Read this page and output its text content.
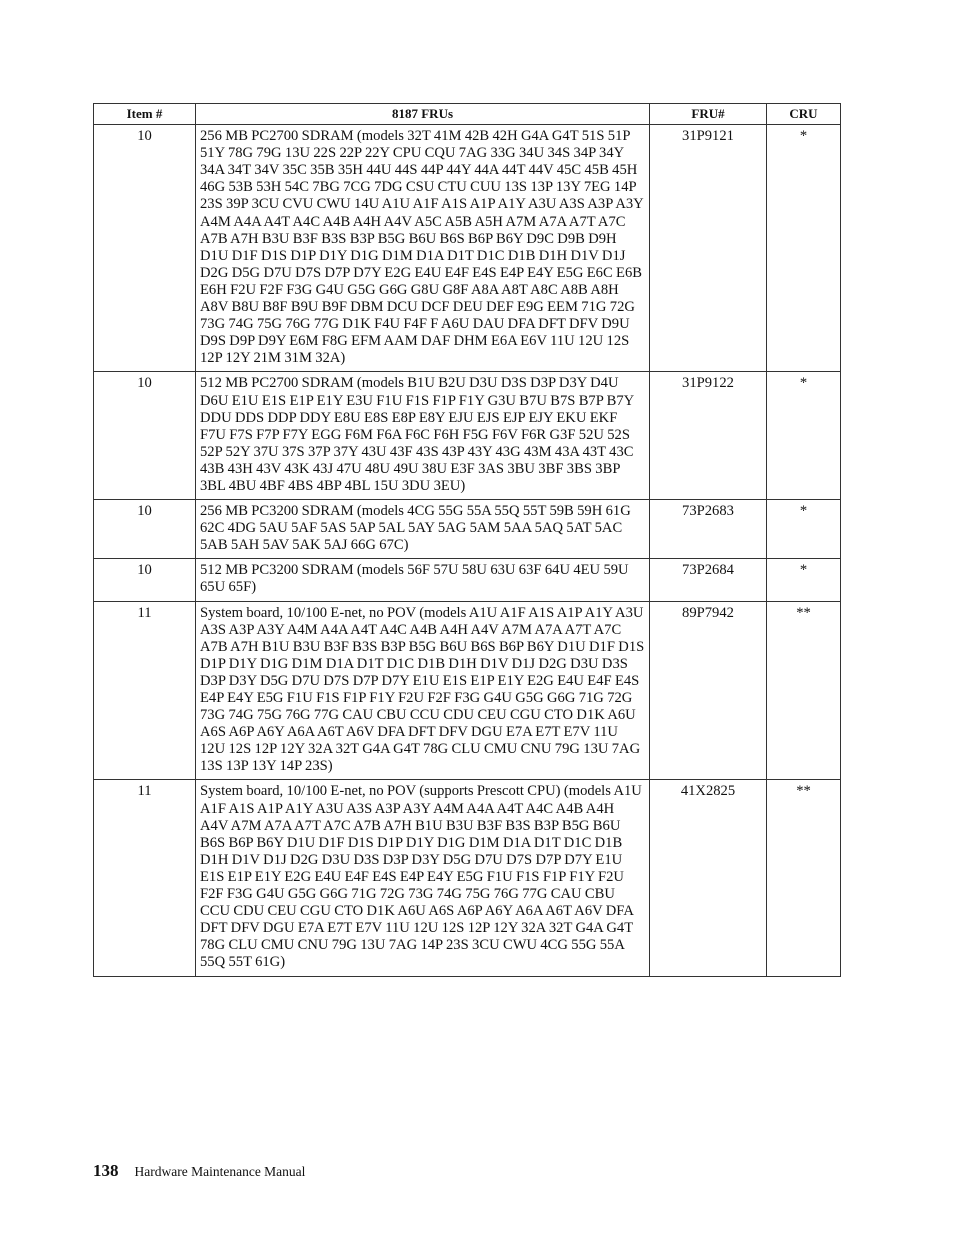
Item #	8187 FRUs	FRU#	CRU
10	256 MB PC2700 SDRAM (models 32T 41M 42B 42H G4A G4T 51S 51P 51Y 78G 79G 13U 22S 22P 22Y CPU CQU 7AG 33G 34U 34S 34P 34Y 34A 34T 34V 35C 35B 35H 44U 44S 44P 44Y 44A 44T 44V 45C 45B 45H 46G 53B 53H 54C 7BG 7CG 7DG CSU CTU CUU 13S 13P 13Y 7EG 14P 23S 39P 3CU CVU CWU 14U A1U A1F A1S A1P A1Y A3U A3S A3P A3Y A4M A4A A4T A4C A4B A4H A4V A5C A5B A5H A7M A7A A7T A7C A7B A7H B3U B3F B3S B3P B5G B6U B6S B6P B6Y D9C D9B D9H D1U D1F D1S D1P D1Y D1G D1M D1A D1T D1C D1B D1H D1V D1J D2G D5G D7U D7S D7P D7Y E2G E4U E4F E4S E4P E4Y E5G E6C E6B E6H F2U F2F F3G G4U G5G G6G G8U G8F A8A A8T A8C A8B A8H A8V B8U B8F B9U B9F DBM DCU DCF DEU DEF E9G EEM 71G 72G 73G 74G 75G 76G 77G D1K F4U F4F F A6U DAU DFA DFT DFV D9U D9S D9P D9Y E6M F8G EFM AAM DAF DHM E6A E6V 11U 12U 12S 12P 12Y 21M 31M 32A)	31P9121	*
10	512 MB PC2700 SDRAM (models B1U B2U D3U D3S D3P D3Y D4U D6U E1U E1S E1P E1Y E3U F1U F1S F1P F1Y G3U B7U B7S B7P B7Y DDU DDS DDP DDY E8U E8S E8P E8Y EJU EJS EJP EJY EKU EKF F7U F7S F7P F7Y EGG F6M F6A F6C F6H F5G F6V F6R G3F 52U 52S 52P 52Y 37U 37S 37P 37Y 43U 43F 43S 43P 43Y 43G 43M 43A 43T 43C 43B 43H 43V 43K 43J 47U 48U 49U 38U E3F 3AS 3BU 3BF 3BS 3BP 3BL 4BU 4BF 4BS 4BP 4BL 15U 3DU 3EU)	31P9122	*
10	256 MB PC3200 SDRAM (models 4CG 55G 55A 55Q 55T 59B 59H 61G 62C 4DG 5AU 5AF 5AS 5AP 5AL 5AY 5AG 5AM 5AA 5AQ 5AT 5AC 5AB 5AH 5AV 5AK 5AJ 66G 67C)	73P2683	*
10	512 MB PC3200 SDRAM (models 56F 57U 58U 63U 63F 64U 4EU 59U 65U 65F)	73P2684	*
11	System board, 10/100 E-net, no POV (models A1U A1F A1S A1P A1Y A3U A3S A3P A3Y A4M A4A A4T A4C A4B A4H A4V A7M A7A A7T A7C A7B A7H B1U B3U B3F B3S B3P B5G B6U B6S B6P B6Y D1U D1F D1S D1P D1Y D1G D1M D1A D1T D1C D1B D1H D1V D1J D2G D3U D3S D3P D3Y D5G D7U D7S D7P D7Y E1U E1S E1P E1Y E2G E4U E4F E4S E4P E4Y E5G F1U F1S F1P F1Y F2U F2F F3G G4U G5G G6G 71G 72G 73G 74G 75G 76G 77G CAU CBU CCU CDU CEU CGU CTO D1K A6U A6S A6P A6Y A6A A6T A6V DFA DFT DFV DGU E7A E7T E7V 11U 12U 12S 12P 12Y 32A 32T G4A G4T 78G CLU CMU CNU 79G 13U 7AG 13S 13P 13Y 14P 23S)	89P7942	**
11	System board, 10/100 E-net, no POV (supports Prescott CPU) (models A1U A1F A1S A1P A1Y A3U A3S A3P A3Y A4M A4A A4T A4C A4B A4H A4V A7M A7A A7T A7C A7B A7H B1U B3U B3F B3S B3P B5G B6U B6S B6P B6Y D1U D1F D1S D1P D1Y D1G D1M D1A D1T D1C D1B D1H D1V D1J D2G D3U D3S D3P D3Y D5G D7U D7S D7P D7Y E1U E1S E1P E1Y E2G E4U E4F E4S E4P E4Y E5G F1U F1S F1P F1Y F2U F2F F3G G4U G5G G6G 71G 72G 73G 74G 75G 76G 77G CAU CBU CCU CDU CEU CGU CTO D1K A6U A6S A6P A6Y A6A A6T A6V DFA DFT DFV DGU E7A E7T E7V 11U 12U 12S 12P 12Y 32A 32T G4A G4T 78G CLU CMU CNU 79G 13U 7AG 14P 23S 3CU CWU 4CG 55G 55A 55Q 55T 61G)	41X2825	**
138 Hardware Maintenance Manual
